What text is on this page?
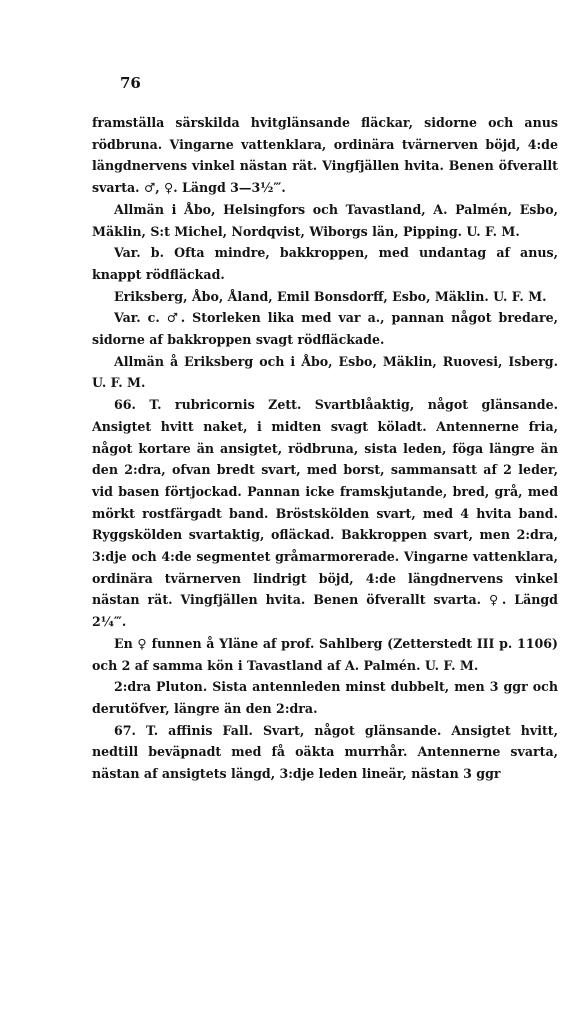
76

framställa särskilda hvitglänsande fläckar, sidorne och anus rödbruna. Vingarne vattenklara, ordinära tvärnerven böjd, 4:de längdnervens vinkel nästan rät. Vingfjällen hvita. Benen öfverallt svarta. ♂, ♀. Längd 3—3½‴.

Allmän i Åbo, Helsingfors och Tavastland, A. Palmén, Esbo, Mäklin, S:t Michel, Nordqvist, Wiborgs län, Pipping. U. F. M.

Var. b. Ofta mindre, bakkroppen, med undantag af anus, knappt rödfläckad.

Eriksberg, Åbo, Åland, Emil Bonsdorff, Esbo, Mäklin. U. F. M.

Var. c. ♂. Storleken lika med var a., pannan något bredare, sidorne af bakkroppen svagt rödfläckade.

Allmän å Eriksberg och i Åbo, Esbo, Mäklin, Ruovesi, Isberg. U. F. M.

66. T. rubricornis Zett. Svartblåaktig, något glänsande. Ansigtet hvitt naket, i midten svagt köladt. Antennerne fria, något kortare än ansigtet, rödbruna, sista leden, föga längre än den 2:dra, ofvan bredt svart, med borst, sammansatt af 2 leder, vid basen förtjockad. Pannan icke framskjutande, bred, grå, med mörkt rostfärgadt band. Bröstskölden svart, med 4 hvita band. Ryggskölden svartaktig, ofläckad. Bakkroppen svart, men 2:dra, 3:dje och 4:de segmentet gråmarmorerade. Vingarne vattenklara, ordinära tvärnerven lindrigt böjd, 4:de längdnervens vinkel nästan rät. Vingfjällen hvita. Benen öfverallt svarta. ♀. Längd 2¼‴.

En ♀ funnen å Yläne af prof. Sahlberg (Zetterstedt III p. 1106) och 2 af samma kön i Tavastland af A. Palmén. U. F. M.

2:dra Pluton. Sista antennleden minst dubbelt, men 3 ggr och derutöfver, längre än den 2:dra.

67. T. affinis Fall. Svart, något glänsande. Ansigtet hvitt, nedtill beväpnadt med få oäkta murrhår. Antennerne svarta, nästan af ansigtets längd, 3:dje leden lineär, nästan 3 ggr
